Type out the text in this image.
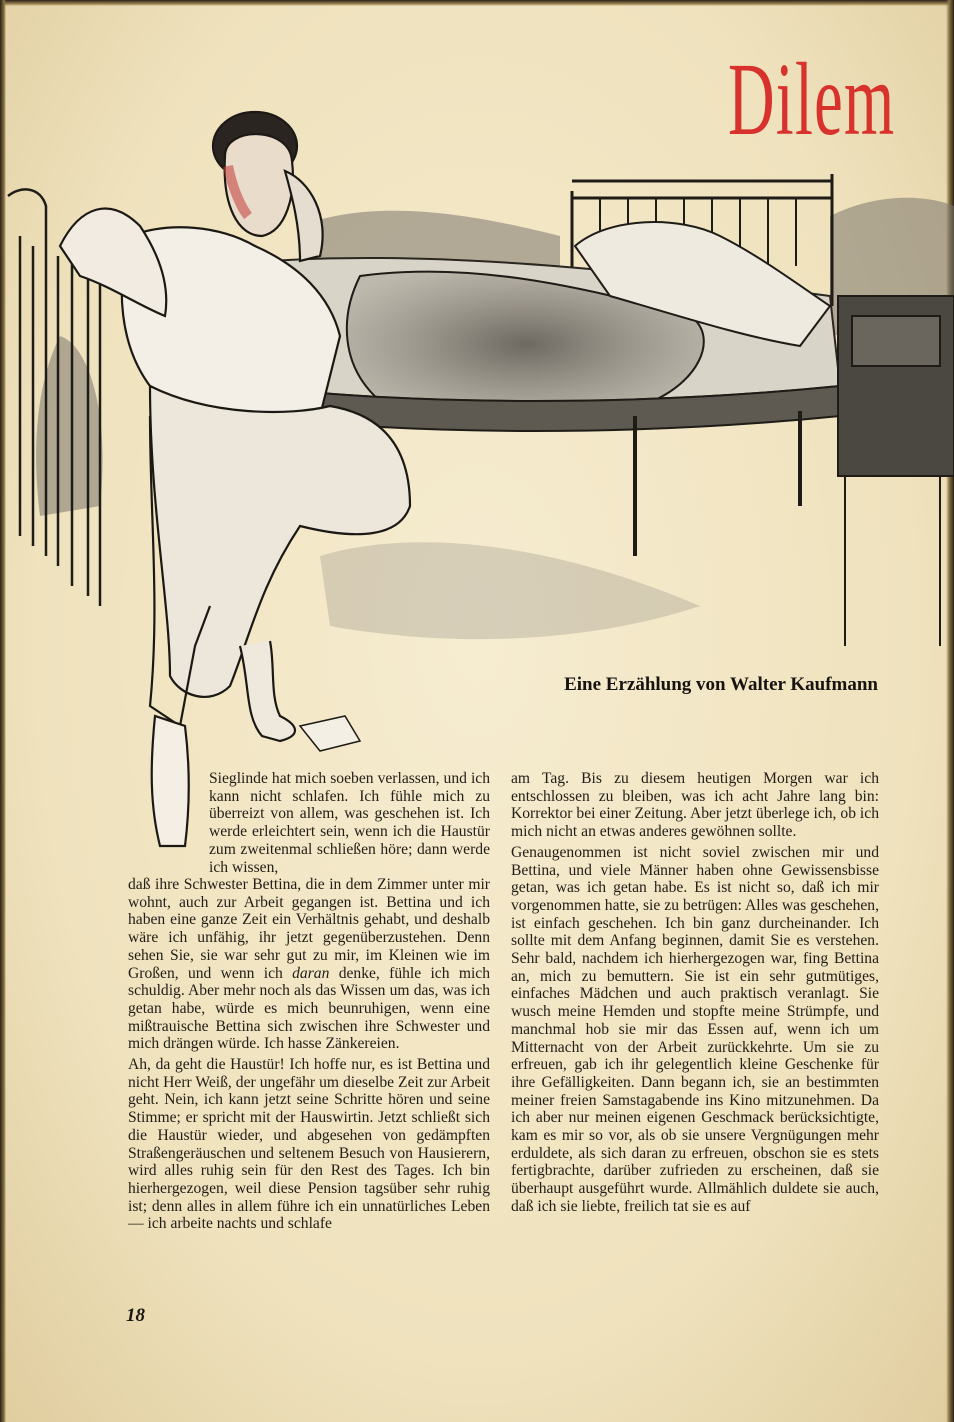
Dilem
Eine Erzählung von Walter Kaufmann

Sieglinde hat mich soeben verlassen, und ich kann nicht schlafen. Ich fühle mich zu überreizt von allem, was geschehen ist. Ich werde erleichtert sein, wenn ich die Haustür zum zweitenmal schließen höre; dann werde ich wissen,

daß ihre Schwester Bettina, die in dem Zimmer unter mir wohnt, auch zur Arbeit gegangen ist. Bettina und ich haben eine ganze Zeit ein Verhältnis gehabt, und deshalb wäre ich unfähig, ihr jetzt gegenüberzustehen. Denn sehen Sie, sie war sehr gut zu mir, im Kleinen wie im Großen, und wenn ich daran denke, fühle ich mich schuldig. Aber mehr noch als das Wissen um das, was ich getan habe, würde es mich beunruhigen, wenn eine mißtrauische Bettina sich zwischen ihre Schwester und mich drängen würde. Ich hasse Zänkereien.

Ah, da geht die Haustür! Ich hoffe nur, es ist Bettina und nicht Herr Weiß, der ungefähr um dieselbe Zeit zur Arbeit geht. Nein, ich kann jetzt seine Schritte hören und seine Stimme; er spricht mit der Hauswirtin. Jetzt schließt sich die Haustür wieder, und abgesehen von gedämpften Straßengeräuschen und seltenem Besuch von Hausierern, wird alles ruhig sein für den Rest des Tages. Ich bin hierhergezogen, weil diese Pension tagsüber sehr ruhig ist; denn alles in allem führe ich ein unnatürliches Leben — ich arbeite nachts und schlafe

am Tag. Bis zu diesem heutigen Morgen war ich entschlossen zu bleiben, was ich acht Jahre lang bin: Korrektor bei einer Zeitung. Aber jetzt überlege ich, ob ich mich nicht an etwas anderes gewöhnen sollte.

Genaugenommen ist nicht soviel zwischen mir und Bettina, und viele Männer haben ohne Gewissensbisse getan, was ich getan habe. Es ist nicht so, daß ich mir vorgenommen hatte, sie zu betrügen: Alles was geschehen, ist einfach geschehen. Ich bin ganz durcheinander. Ich sollte mit dem Anfang beginnen, damit Sie es verstehen. Sehr bald, nachdem ich hierhergezogen war, fing Bettina an, mich zu bemuttern. Sie ist ein sehr gutmütiges, einfaches Mädchen und auch praktisch veranlagt. Sie wusch meine Hemden und stopfte meine Strümpfe, und manchmal hob sie mir das Essen auf, wenn ich um Mitternacht von der Arbeit zurückkehrte. Um sie zu erfreuen, gab ich ihr gelegentlich kleine Geschenke für ihre Gefälligkeiten. Dann begann ich, sie an bestimmten meiner freien Samstagabende ins Kino mitzunehmen. Da ich aber nur meinen eigenen Geschmack berücksichtigte, kam es mir so vor, als ob sie unsere Vergnügungen mehr erduldete, als sich daran zu erfreuen, obschon sie es stets fertigbrachte, darüber zufrieden zu erscheinen, daß sie überhaupt ausgeführt wurde. Allmählich duldete sie auch, daß ich sie liebte, freilich tat sie es auf

18
